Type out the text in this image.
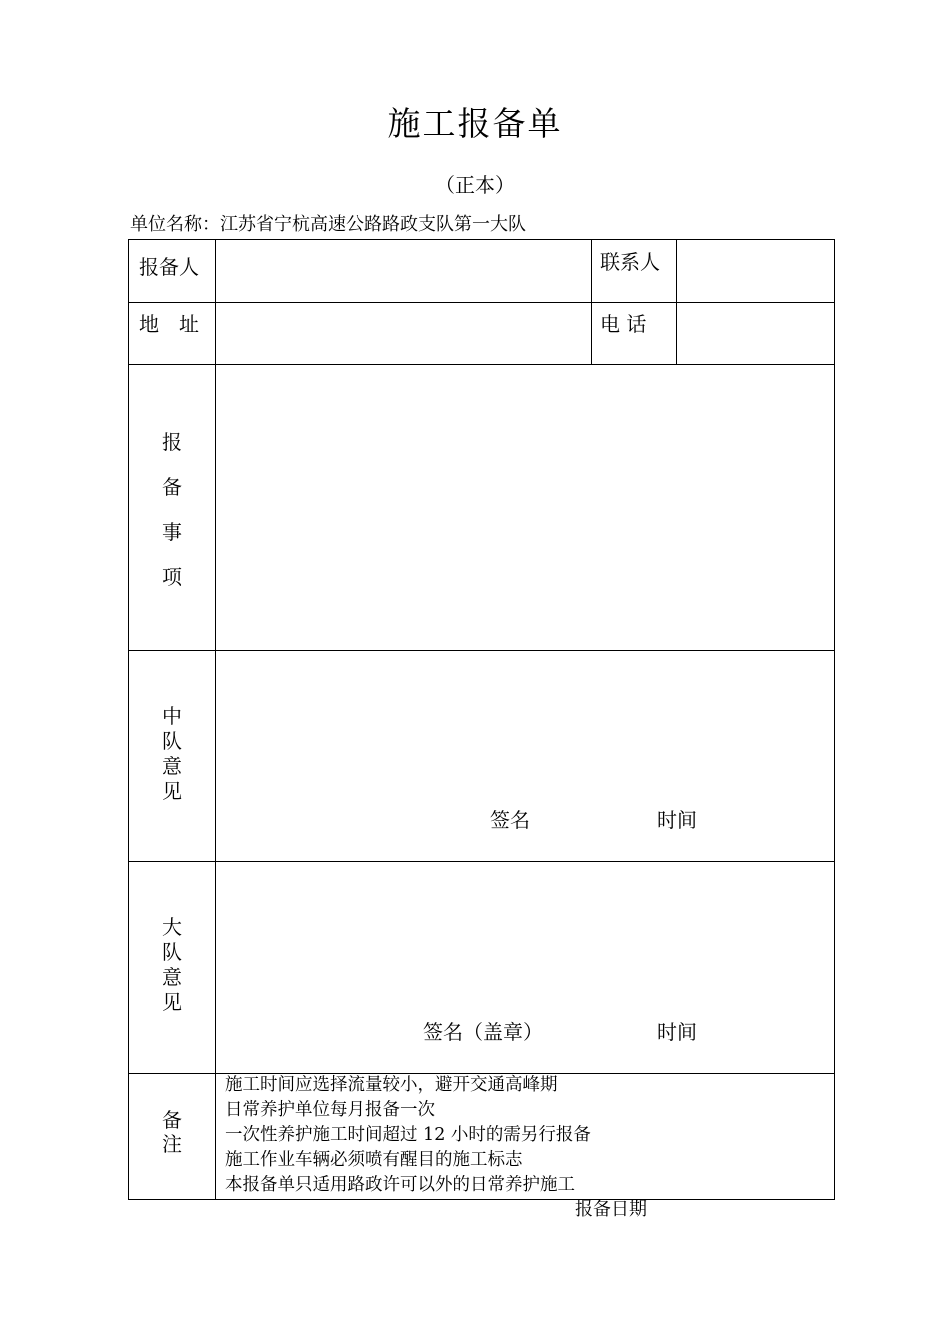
施工报备单
（正本）
单位名称：江苏省宁杭高速公路路政支队第一大队
报备人	联系人
地　址	电 话
报
备
事
项
中
队
意
见
签名	时间
大
队
意
见
签名（盖章）	时间
备
注
施工时间应选择流量较小，避开交通高峰期
日常养护单位每月报备一次
一次性养护施工时间超过 12 小时的需另行报备
施工作业车辆必须喷有醒目的施工标志
本报备单只适用路政许可以外的日常养护施工
报备日期
